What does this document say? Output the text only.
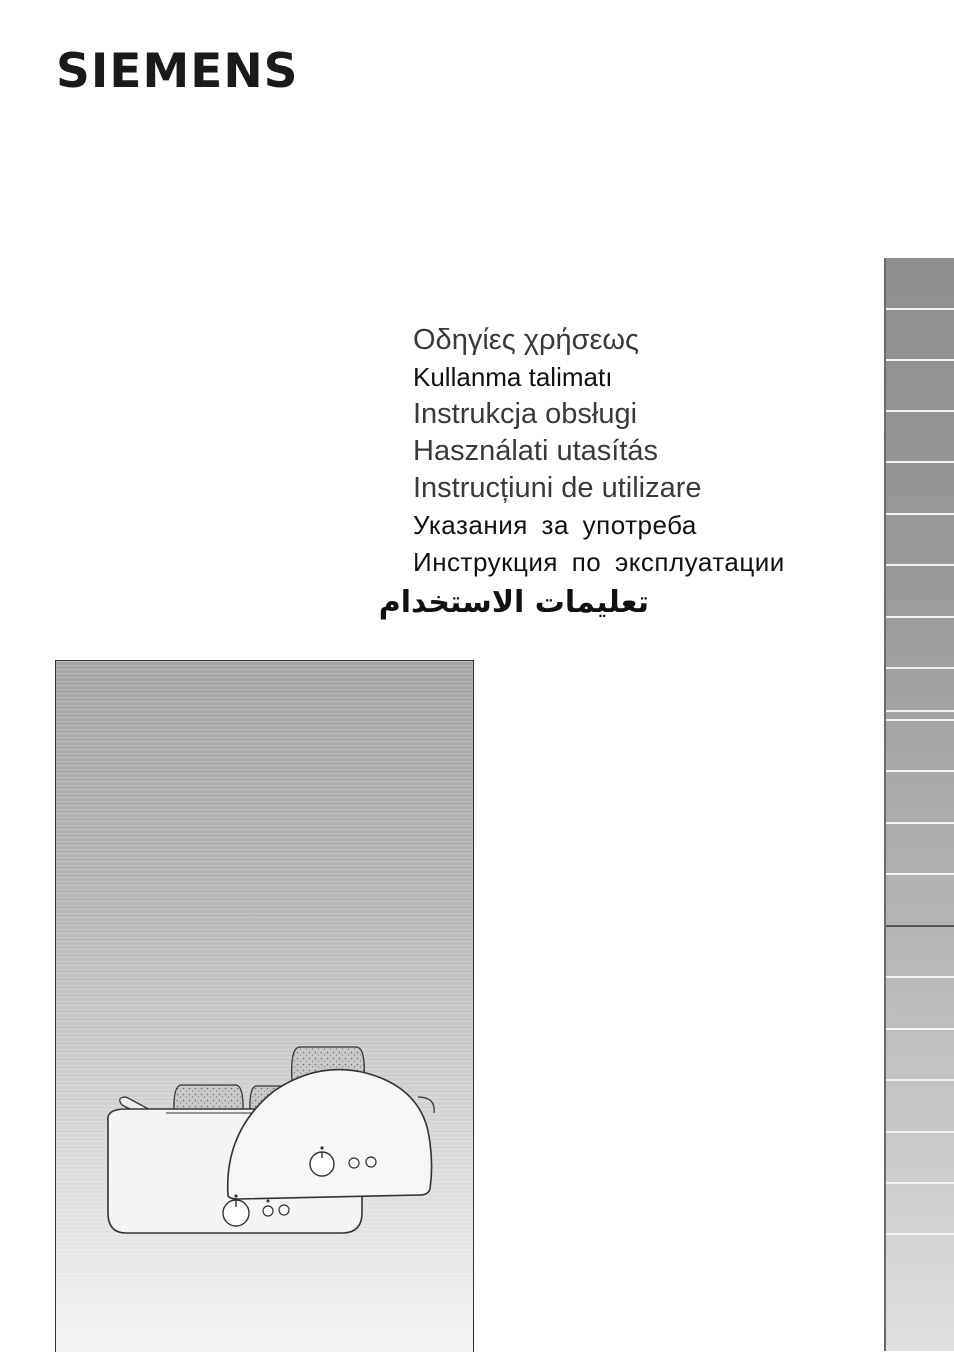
SIEMENS
Οδηγίες χρήσεως
Kullanma talimatı
Instrukcja obsługi
Használati utasítás
Instrucțiuni de utilizare
Указания за употреба
Инструкция по эксплуатации
تعليمات الاستخدام
